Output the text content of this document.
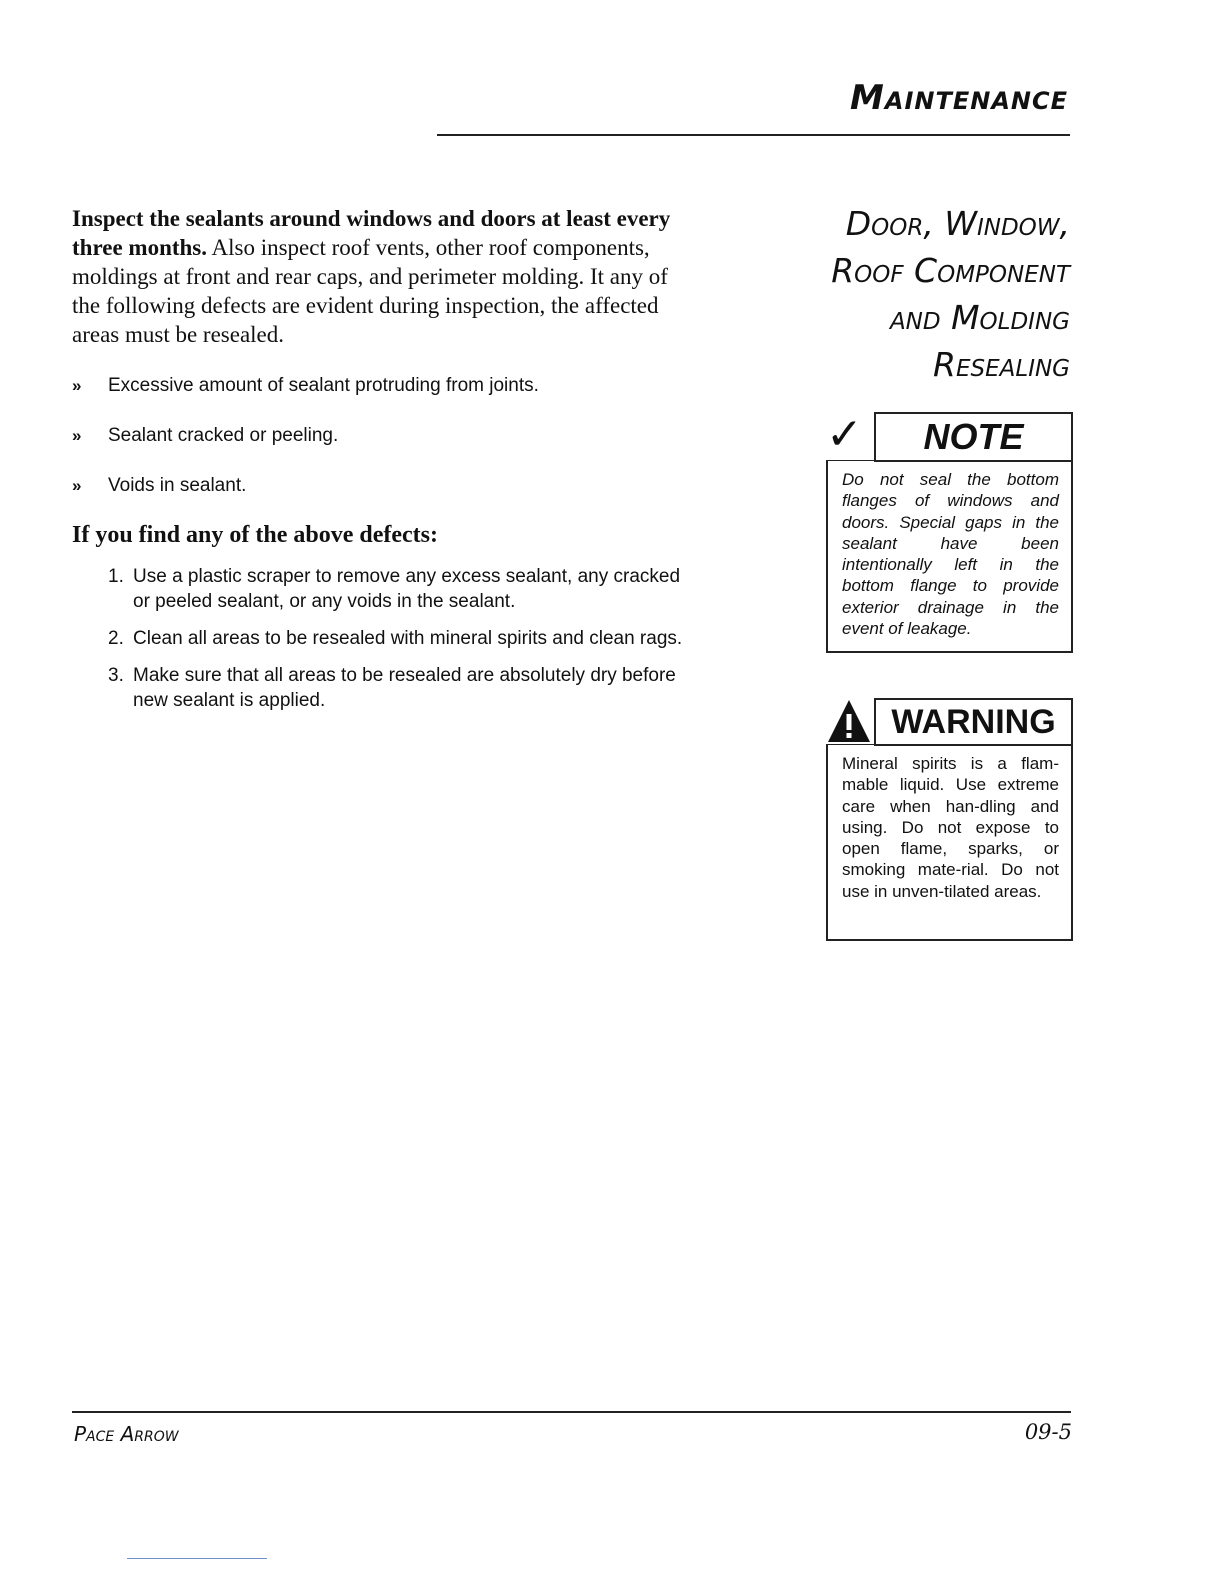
Maintenance

Inspect the sealants around windows and doors at least every three months. Also inspect roof vents, other roof components, moldings at front and rear caps, and perimeter molding. It any of the following defects are evident during inspection, the affected areas must be resealed.

»	Excessive amount of sealant protruding from joints.
»	Sealant cracked or peeling.
»	Voids in sealant.
If you find any of the above defects:
1. Use a plastic scraper to remove any excess sealant, any cracked or peeled sealant, or any voids in the sealant.
2. Clean all areas to be resealed with mineral spirits and clean rags.
3. Make sure that all areas to be resealed are absolutely dry before new sealant is applied.
Door, Window,
Roof Component
and Molding
Resealing
✓	NOTE
Do not seal the bottom flanges of windows and doors. Special gaps in the sealant have been intentionally left in the bottom flange to provide exterior drainage in the event of leakage.
WARNING
Mineral spirits is a flam-mable liquid. Use extreme care when han-dling and using. Do not expose to open flame, sparks, or smoking mate-rial. Do not use in unven-tilated areas.
Pace Arrow	09-5
